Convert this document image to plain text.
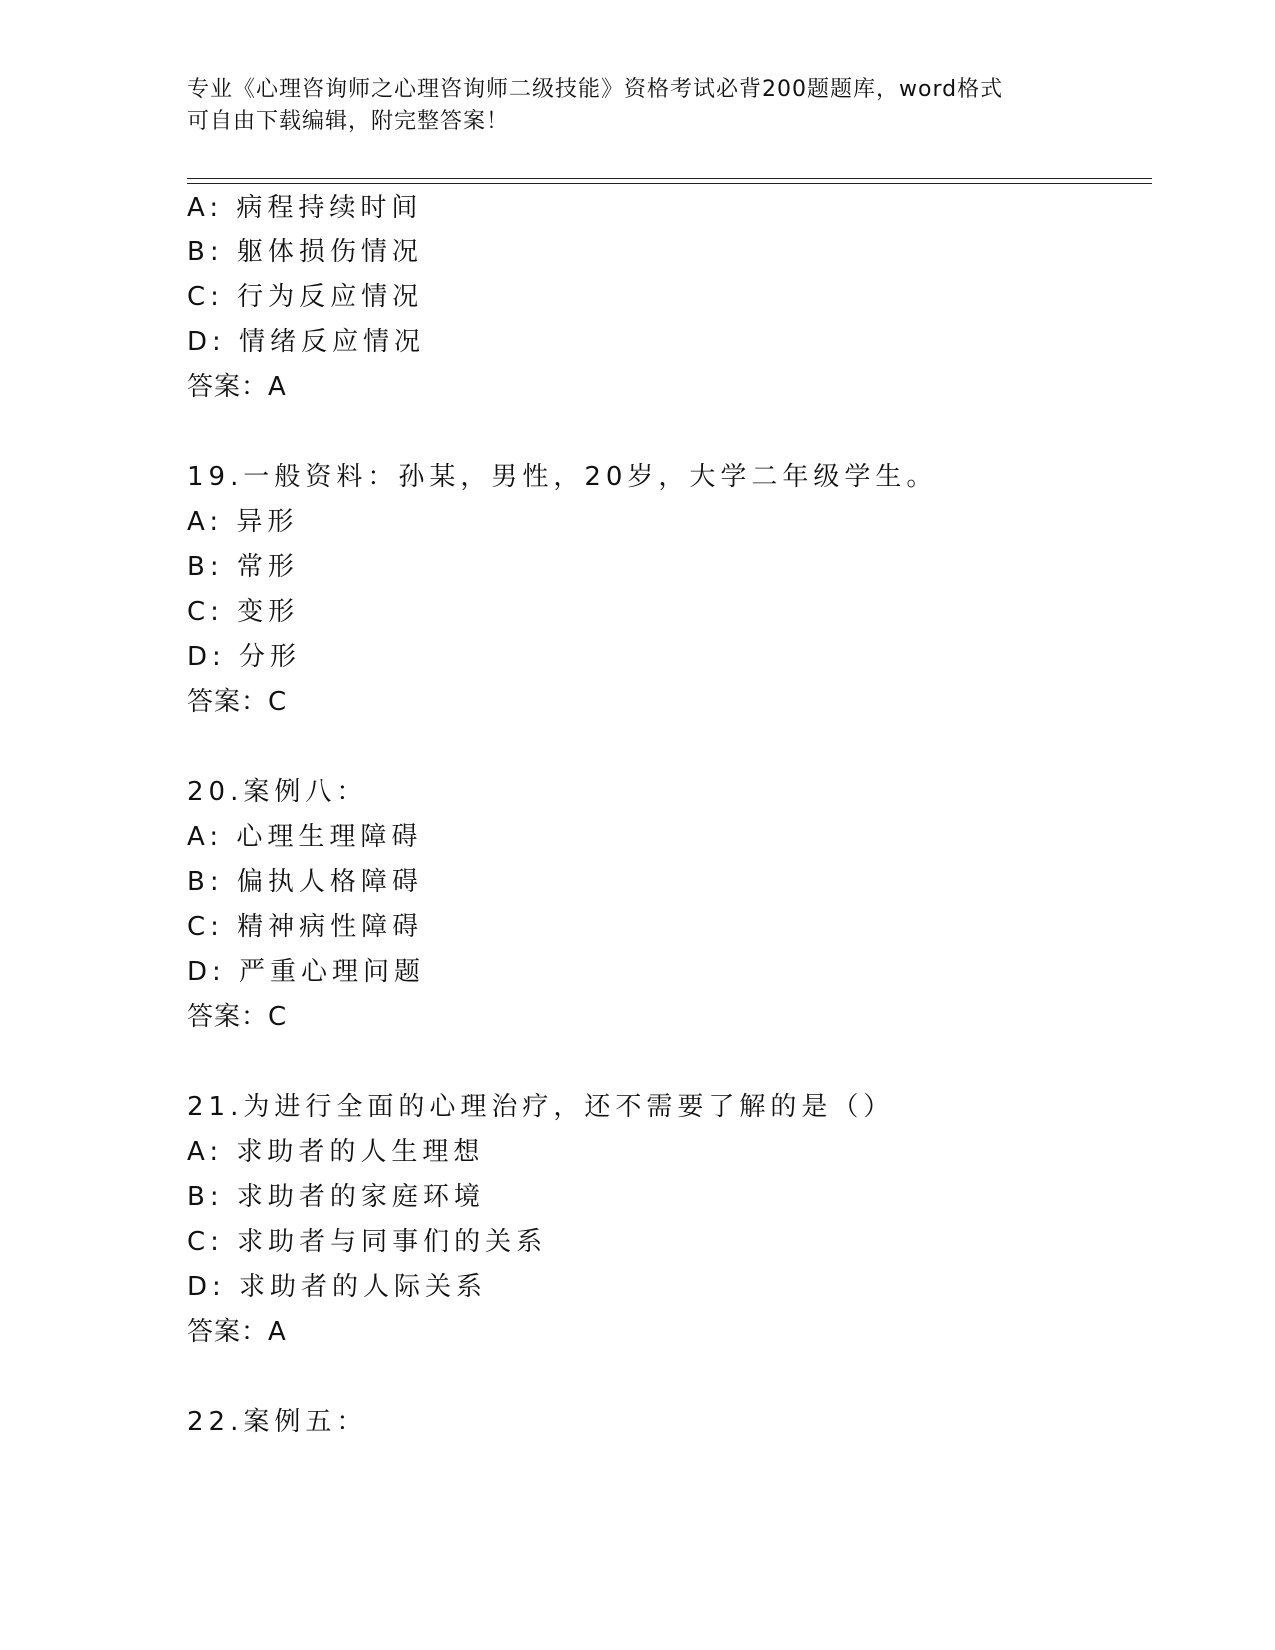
专业《心理咨询师之心理咨询师二级技能》资格考试必背200题题库，word格式
可自由下载编辑，附完整答案！
A: 病程持续时间
B: 躯体损伤情况
C: 行为反应情况
D: 情绪反应情况
答案：A
19.一般资料：孙某，男性，20岁，大学二年级学生。
A: 异形
B: 常形
C: 变形
D: 分形
答案：C
20.案例八：
A: 心理生理障碍
B: 偏执人格障碍
C: 精神病性障碍
D: 严重心理问题
答案：C
21.为进行全面的心理治疗，还不需要了解的是（）
A: 求助者的人生理想
B: 求助者的家庭环境
C: 求助者与同事们的关系
D: 求助者的人际关系
答案：A
22.案例五：
